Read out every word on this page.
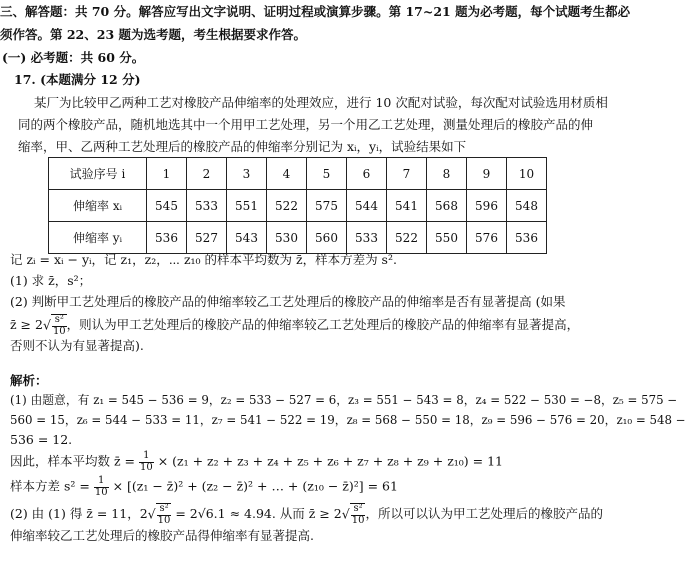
三、解答题：共 70 分。解答应写出文字说明、证明过程或演算步骤。第 17~21 题为必考题，每个试题考生都必
须作答。第 22、23 题为选考题，考生根据要求作答。
(一) 必考题：共 60 分。
17. (本题满分 12 分)
某厂为比较甲乙两种工艺对橡胶产品伸缩率的处理效应，进行 10 次配对试验，每次配对试验选用材质相
同的两个橡胶产品，随机地选其中一个用甲工艺处理，另一个用乙工艺处理，测量处理后的橡胶产品的伸
缩率，甲、乙两种工艺处理后的橡胶产品的伸缩率分别记为 xᵢ，yᵢ，试验结果如下
试验序号 i	1	2	3	4	5	6	7	8	9	10
伸缩率 xᵢ	545	533	551	522	575	544	541	568	596	548
伸缩率 yᵢ	536	527	543	530	560	533	522	550	576	536
记 zᵢ = xᵢ − yᵢ，记 z₁，z₂，⋯ z₁₀ 的样本平均数为 z̄，样本方差为 s².
(1) 求 z̄，s²；
(2) 判断甲工艺处理后的橡胶产品的伸缩率较乙工艺处理后的橡胶产品的伸缩率是否有显著提高 (如果
z̄ ≥ $2√ \frac{\text{s²}}{10}$ ，则认为甲工艺处理后的橡胶产品的伸缩率较乙工艺处理后的橡胶产品的伸缩率有显著提高，
否则不认为有显著提高).
解析：
(1) 由题意，有 z₁ = 545 − 536 = 9，z₂ = 533 − 527 = 6，z₃ = 551 − 543 = 8，z₄ = 522 − 530 = −8，z₅ = 575 −
560 = 15，z₆ = 544 − 533 = 11，z₇ = 541 − 522 = 19，z₈ = 568 − 550 = 18，z₉ = 596 − 576 = 20，z₁₀ = 548 −
536 = 12.
因此，样本平均数 z̄ = $\frac{1}{10} \times (z_1 + z_2 + z_3 + z_4 + z_5 + z_6 + z_7 + z_8 + z_9 + z_{10}) = 11$
样本方差 $s^2 = \frac{1}{10} \times [(z_1$ − z̄)² + (z₂ − z̄)² + … + (z₁₀ − z̄)²] = 61
(2) 由 (1) 得 z̄ = 11，$2√ \frac{\text{s²}}{10} = 2√6.1 \approx 4.94$. 从而 z̄ ≥ $2√ \frac{\text{s²}}{10}$ ，所以可以认为甲工艺处理后的橡胶产品的
伸缩率较乙工艺处理后的橡胶产品得伸缩率有显著提高.
